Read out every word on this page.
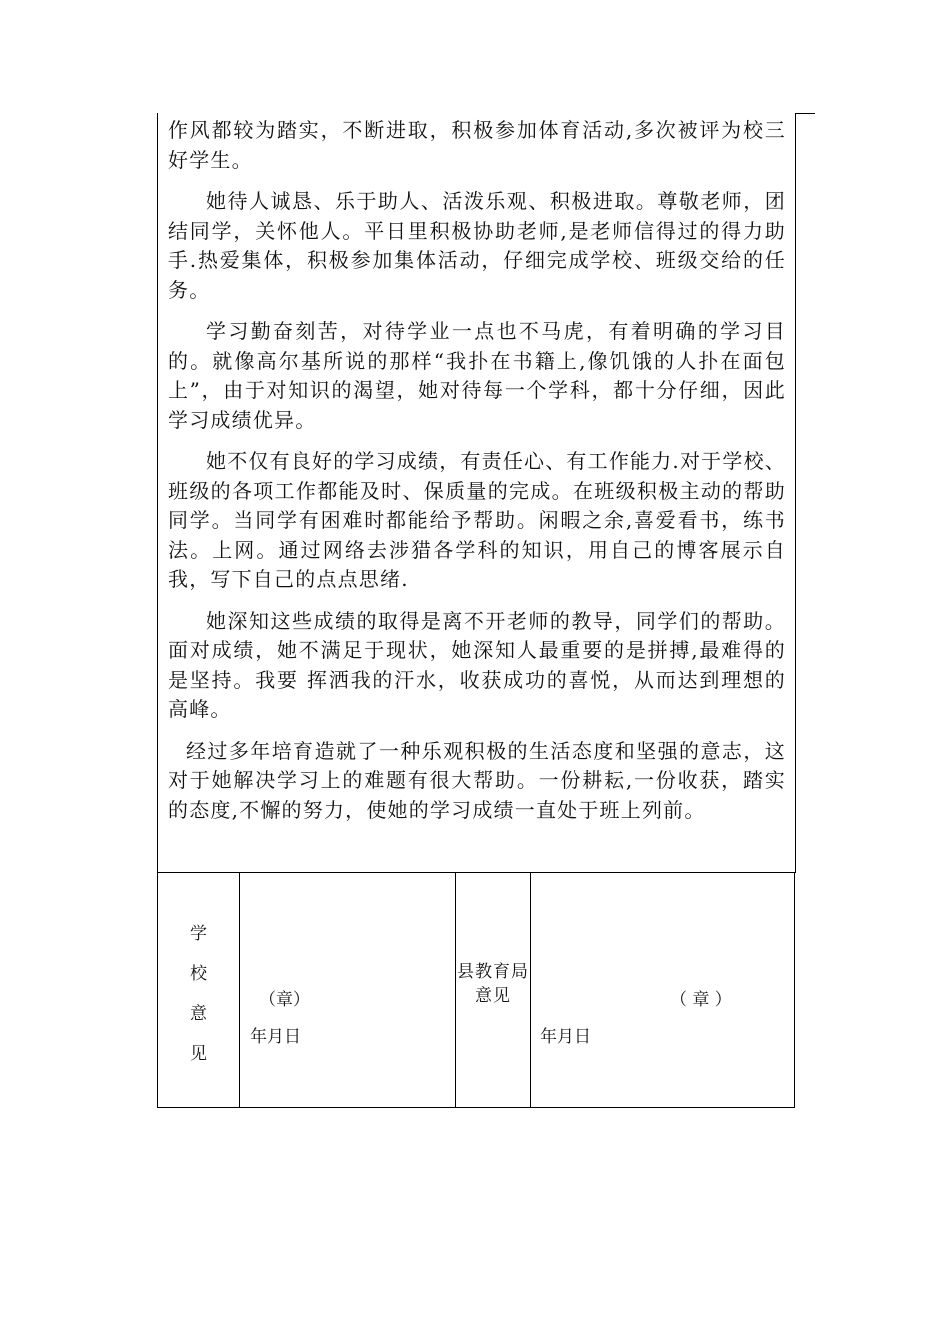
作风都较为踏实，不断进取，积极参加体育活动,多次被评为校三好学生。

她待人诚恳、乐于助人、活泼乐观、积极进取。尊敬老师，团结同学，关怀他人。平日里积极协助老师,是老师信得过的得力助手.热爱集体，积极参加集体活动，仔细完成学校、班级交给的任务。

学习勤奋刻苦，对待学业一点也不马虎，有着明确的学习目的。就像高尔基所说的那样“我扑在书籍上,像饥饿的人扑在面包上”，由于对知识的渴望，她对待每一个学科，都十分仔细，因此学习成绩优异。

她不仅有良好的学习成绩，有责任心、有工作能力.对于学校、班级的各项工作都能及时、保质量的完成。在班级积极主动的帮助同学。当同学有困难时都能给予帮助。闲暇之余,喜爱看书，练书法。上网。通过网络去涉猎各学科的知识，用自己的博客展示自我，写下自己的点点思绪.

她深知这些成绩的取得是离不开老师的教导，同学们的帮助。面对成绩，她不满足于现状，她深知人最重要的是拼搏,最难得的是坚持。我要 挥洒我的汗水，收获成功的喜悦，从而达到理想的高峰。

经过多年培育造就了一种乐观积极的生活态度和坚强的意志，这对于她解决学习上的难题有很大帮助。一份耕耘,一份收获，踏实的态度,不懈的努力，使她的学习成绩一直处于班上列前。

学
校
意
见
（章）
年月日
县教育局意见	（ 章 ）
年月日
